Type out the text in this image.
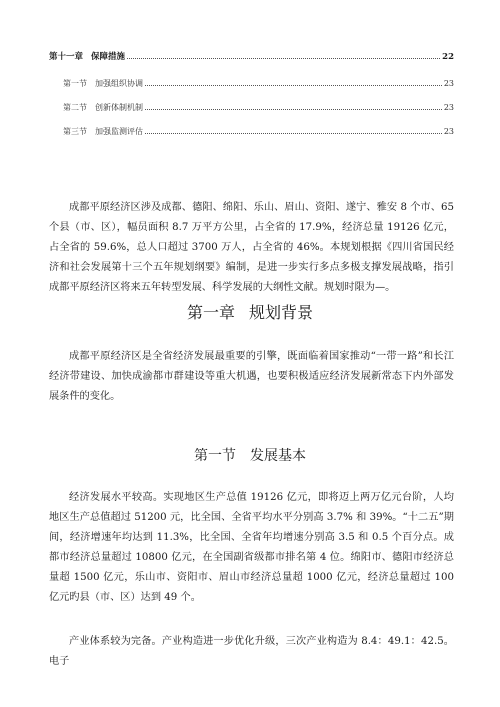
第十一章 保障措施	22
第一节 加强组织协调	23
第二节 创新体制机制	23
第三节 加强监测评估	23

成都平原经济区涉及成都、德阳、绵阳、乐山、眉山、资阳、遂宁、雅安 8 个市、65 个县（市、区），幅员面积 8.7 万平方公里，占全省的 17.9%，经济总量 19126 亿元，占全省的 59.6%，总人口超过 3700 万人，占全省的 46%。本规划根据《四川省国民经济和社会发展第十三个五年规划纲要》编制，是进一步实行多点多极支撑发展战略，指引成都平原经济区将来五年转型发展、科学发展的大纲性文献。规划时限为—。

第一章 规划背景

成都平原经济区是全省经济发展最重要的引擎，既面临着国家推动“一带一路”和长江经济带建设、加快成渝都市群建设等重大机遇，也要积极适应经济发展新常态下内外部发展条件的变化。

第一节 发展基本

经济发展水平较高。实现地区生产总值 19126 亿元，即将迈上两万亿元台阶，人均地区生产总值超过 51200 元，比全国、全省平均水平分别高 3.7% 和 39%。“十二五”期间，经济增速年均达到 11.3%，比全国、全省年均增速分别高 3.5 和 0.5 个百分点。成都市经济总量超过 10800 亿元，在全国副省级都市排名第 4 位。绵阳市、德阳市经济总量超 1500 亿元，乐山市、资阳市、眉山市经济总量超 1000 亿元，经济总量超过 100 亿元旳县（市、区）达到 49 个。

产业体系较为完备。产业构造进一步优化升级，三次产业构造为 8.4：49.1：42.5。电子
